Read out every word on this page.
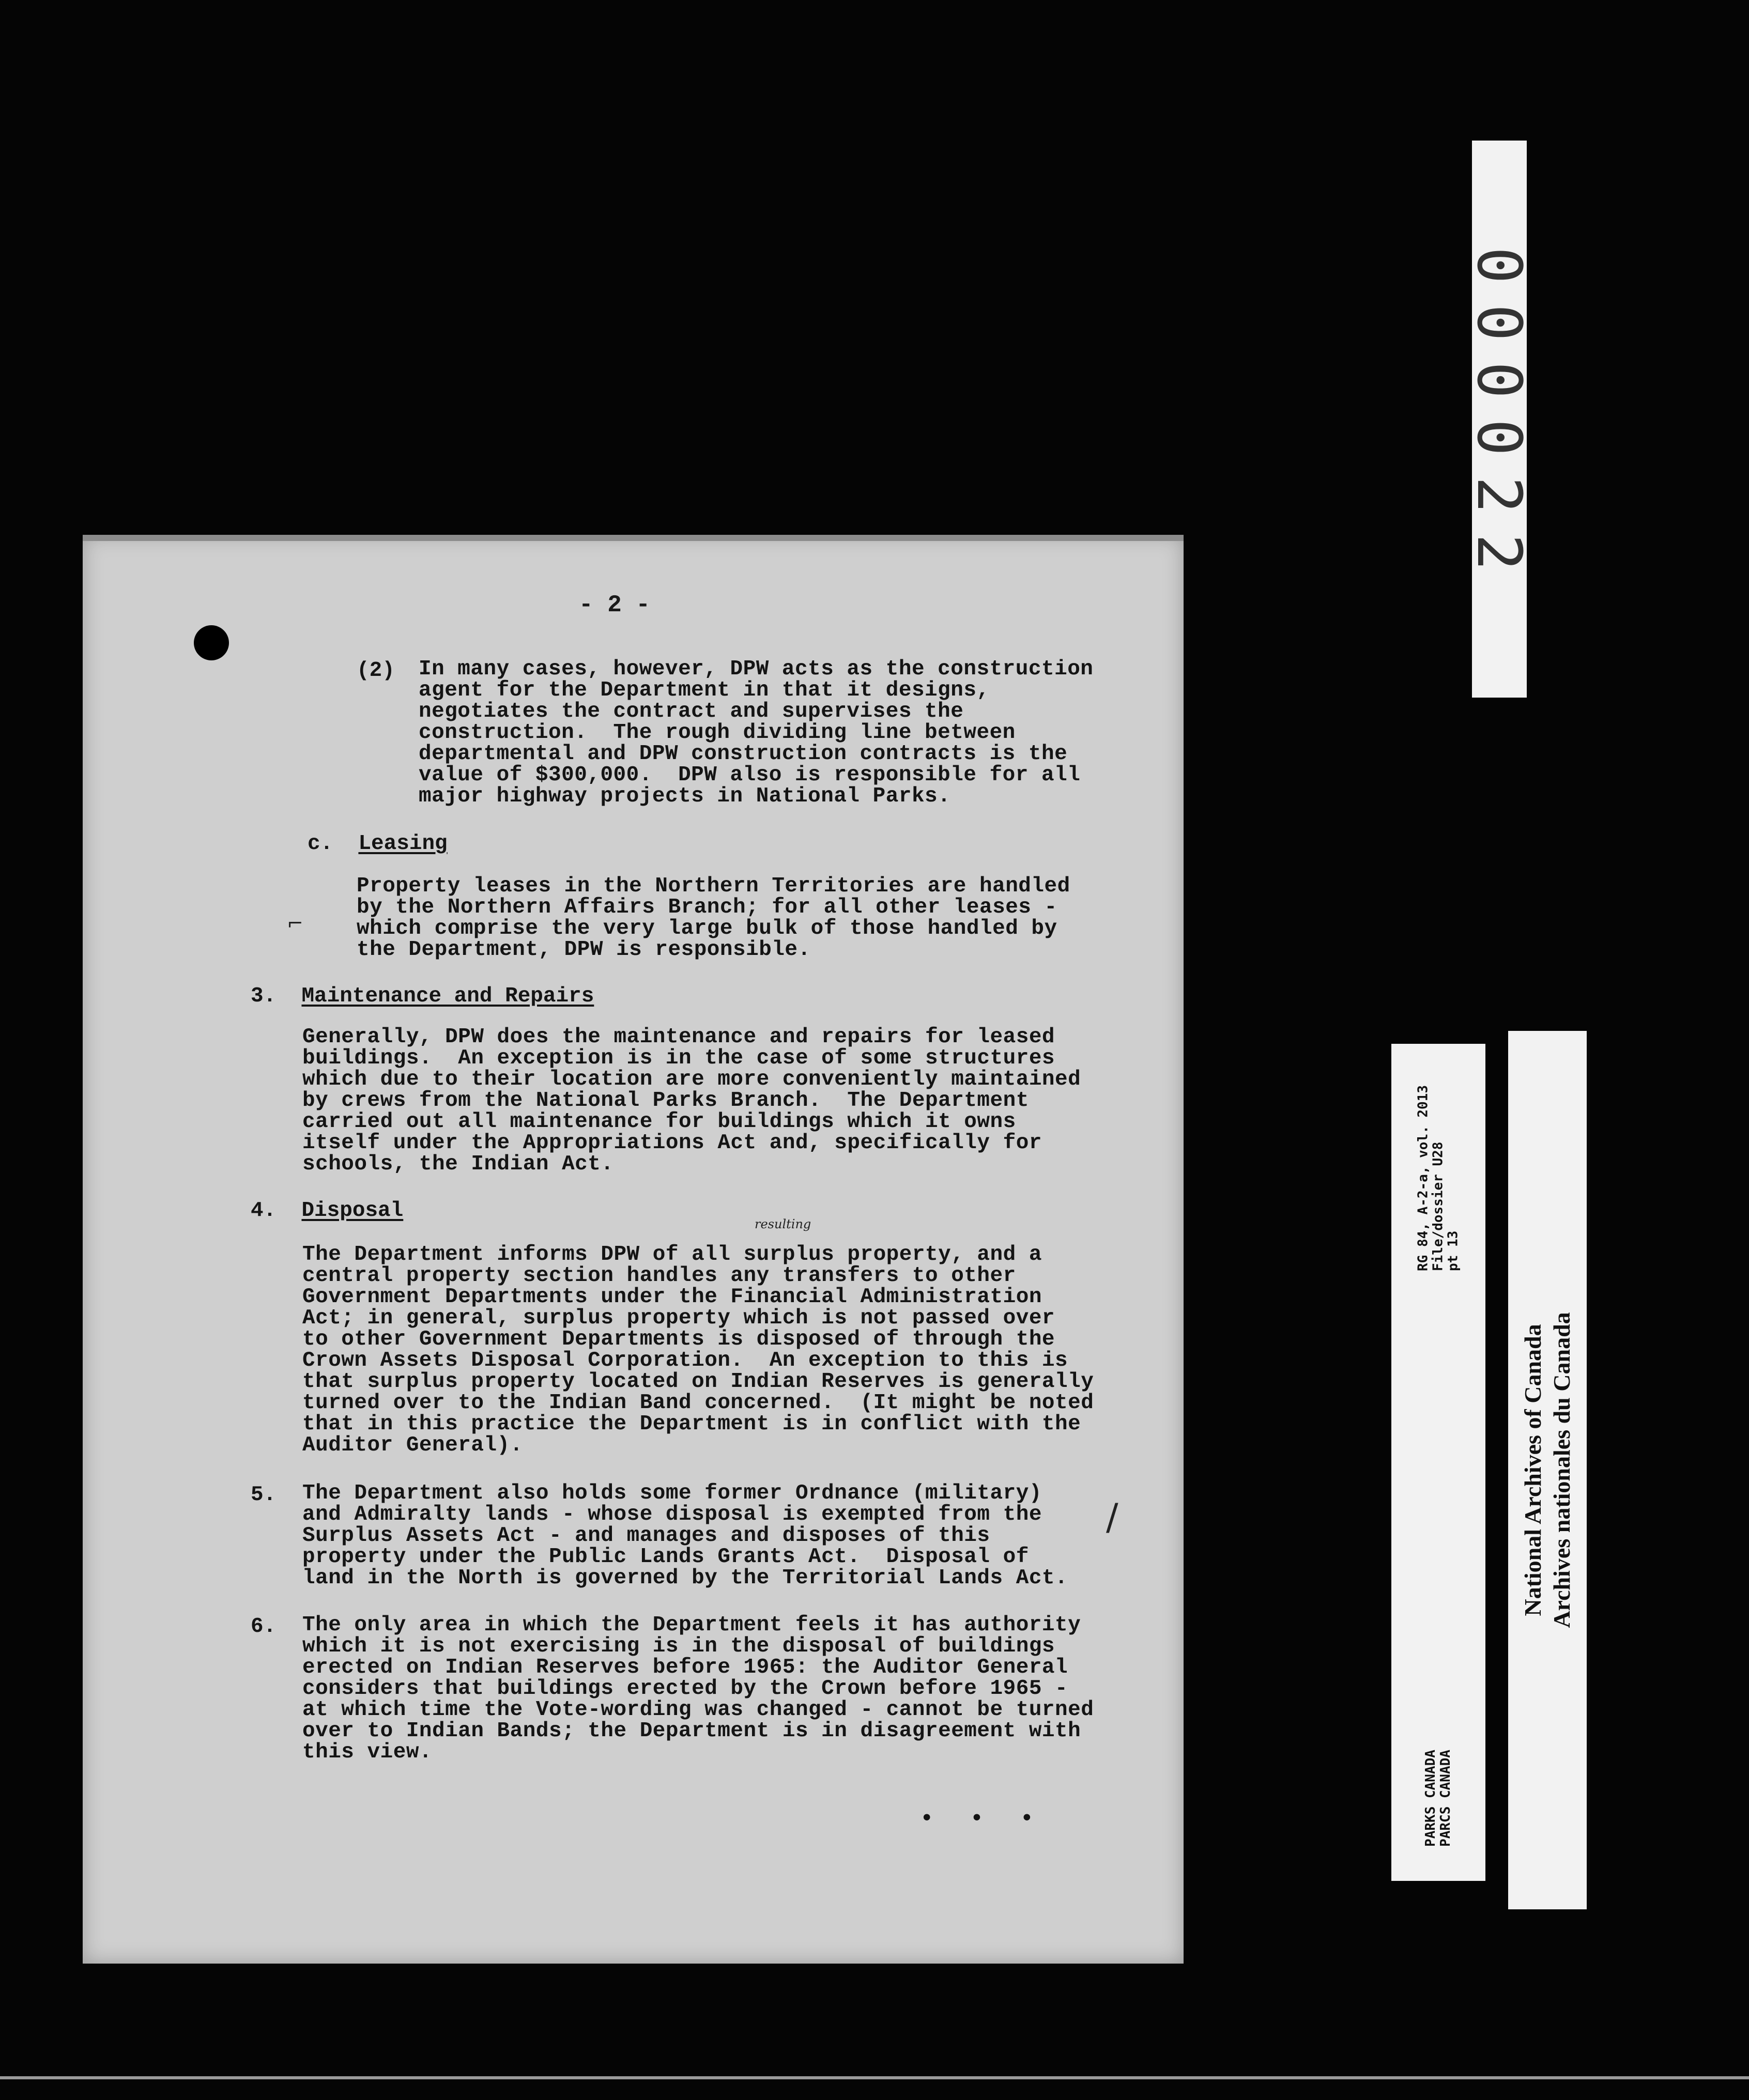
- 2 -
(2) In many cases, however, DPW acts as the construction
agent for the Department in that it designs,
negotiates the contract and supervises the
construction.  The rough dividing line between
departmental and DPW construction contracts is the
value of $300,000.  DPW also is responsible for all
major highway projects in National Parks.
c. Leasing
Property leases in the Northern Territories are handled
by the Northern Affairs Branch; for all other leases -
which comprise the very large bulk of those handled by
the Department, DPW is responsible.
⌐
3. Maintenance and Repairs
Generally, DPW does the maintenance and repairs for leased
buildings.  An exception is in the case of some structures
which due to their location are more conveniently maintained
by crews from the National Parks Branch.  The Department
carried out all maintenance for buildings which it owns
itself under the Appropriations Act and, specifically for
schools, the Indian Act.
4. Disposal
resulting
The Department informs DPW of all surplus property, and a
central property section handles any transfers to other
Government Departments under the Financial Administration
Act; in general, surplus property which is not passed over
to other Government Departments is disposed of through the
Crown Assets Disposal Corporation.  An exception to this is
that surplus property located on Indian Reserves is generally
turned over to the Indian Band concerned.  (It might be noted
that in this practice the Department is in conflict with the
Auditor General).
5. The Department also holds some former Ordnance (military)
and Admiralty lands - whose disposal is exempted from the
Surplus Assets Act - and manages and disposes of this
property under the Public Lands Grants Act.  Disposal of
land in the North is governed by the Territorial Lands Act.
/
6. The only area in which the Department feels it has authority
which it is not exercising is in the disposal of buildings
erected on Indian Reserves before 1965: the Auditor General
considers that buildings erected by the Crown before 1965 -
at which time the Vote-wording was changed - cannot be turned
over to Indian Bands; the Department is in disagreement with
this view.
• • •
000022
RG 84, A-2-a, vol. 2013
File/dossier U28
pt 13
PARKS CANADA
PARCS CANADA
National Archives of Canada
Archives nationales du Canada
